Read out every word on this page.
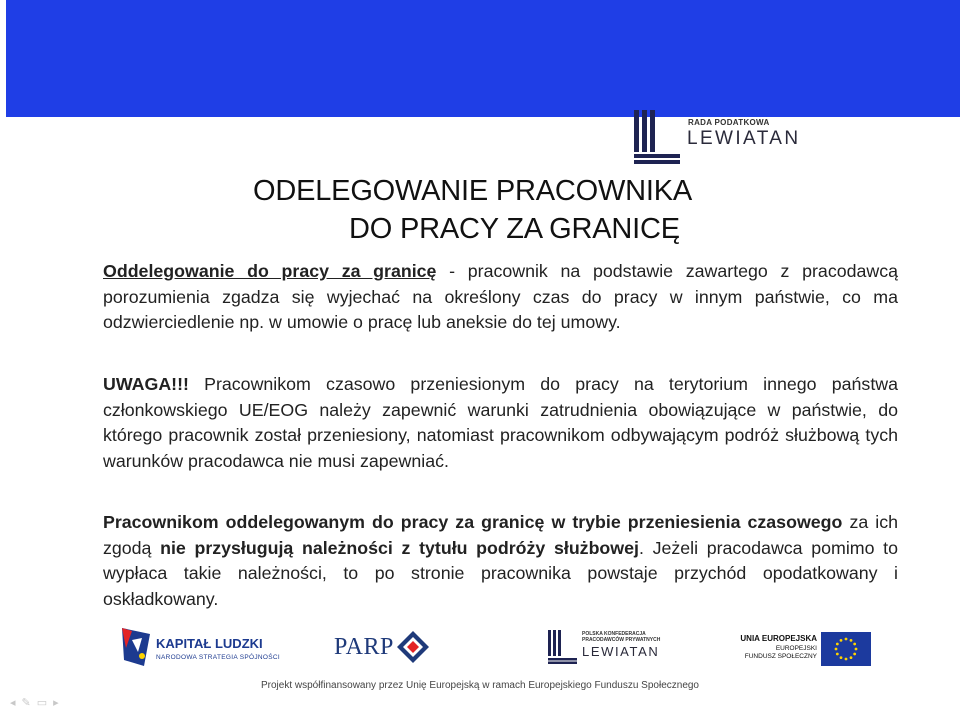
RADA PODATKOWA
LEWIATAN
ODELEGOWANIE PRACOWNIKA
DO PRACY ZA GRANICĘ
Oddelegowanie do pracy za granicę - pracownik na podstawie zawartego z pracodawcą porozumienia zgadza się wyjechać na określony czas do pracy w innym państwie, co ma odzwierciedlenie np. w umowie o pracę lub aneksie do tej umowy.
UWAGA!!! Pracownikom czasowo przeniesionym do pracy na terytorium innego państwa członkowskiego UE/EOG należy zapewnić warunki zatrudnienia obowiązujące w państwie, do którego pracownik został przeniesiony, natomiast pracownikom odbywającym podróż służbową tych warunków pracodawca nie musi zapewniać.
Pracownikom oddelegowanym do pracy za granicę w trybie przeniesienia czasowego za ich zgodą nie przysługują należności z tytułu podróży służbowej. Jeżeli pracodawca pomimo to wypłaca takie należności, to po stronie pracownika powstaje przychód opodatkowany i oskładkowany.
KAPITAŁ LUDZKI
NARODOWA STRATEGIA SPÓJNOŚCI PARP	POLSKA KONFEDERACJA PRACODAWCÓW PRYWATNYCH
LEWIATAN
UNIA EUROPEJSKA
EUROPEJSKI
FUNDUSZ SPOŁECZNY
Projekt współfinansowany przez Unię Europejską w ramach Europejskiego Funduszu Społecznego
◂✎▭▸
